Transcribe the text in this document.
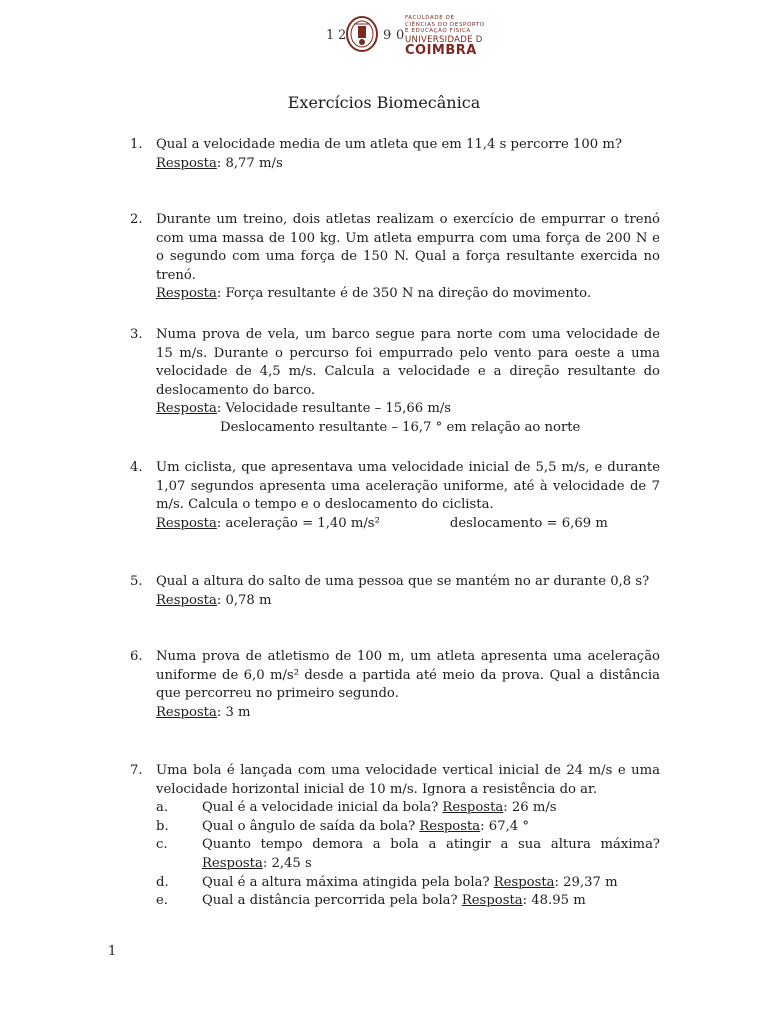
1 2	9 0
FACULDADE DE
CIÊNCIAS DO DESPORTO
E EDUCAÇÃO FÍSICA
UNIVERSIDADE D
COIMBRA
Exercícios Biomecânica
1. Qual a velocidade media de um atleta que em 11,4 s percorre 100 m?
Resposta: 8,77 m/s
2. Durante um treino, dois atletas realizam o exercício de empurrar o trenó com uma massa de 100 kg. Um atleta empurra com uma força de 200 N e o segundo com uma força de 150 N. Qual a força resultante exercida no trenó.
Resposta: Força resultante é de 350 N na direção do movimento.
3. Numa prova de vela, um barco segue para norte com uma velocidade de 15 m/s. Durante o percurso foi empurrado pelo vento para oeste a uma velocidade de 4,5 m/s. Calcula a velocidade e a direção resultante do deslocamento do barco.
Resposta: Velocidade resultante – 15,66 m/s
Deslocamento resultante – 16,7 ° em relação ao norte
4. Um ciclista, que apresentava uma velocidade inicial de 5,5 m/s, e durante 1,07 segundos apresenta uma aceleração uniforme, até à velocidade de 7 m/s. Calcula o tempo e o deslocamento do ciclista.
Resposta: aceleração = 1,40 m/s²	deslocamento = 6,69 m
5. Qual a altura do salto de uma pessoa que se mantém no ar durante 0,8 s?
Resposta: 0,78 m
6. Numa prova de atletismo de 100 m, um atleta apresenta uma aceleração uniforme de 6,0 m/s² desde a partida até meio da prova. Qual a distância que percorreu no primeiro segundo.
Resposta: 3 m
7. Uma bola é lançada com uma velocidade vertical inicial de 24 m/s e uma velocidade horizontal inicial de 10 m/s. Ignora a resistência do ar.
a.	Qual é a velocidade inicial da bola? Resposta: 26 m/s
b.	Qual o ângulo de saída da bola? Resposta: 67,4 °
c.	Quanto tempo demora a bola a atingir a sua altura máxima? Resposta: 2,45 s
d.	Qual é a altura máxima atingida pela bola? Resposta: 29,37 m
e.	Qual a distância percorrida pela bola? Resposta: 48.95 m
1
